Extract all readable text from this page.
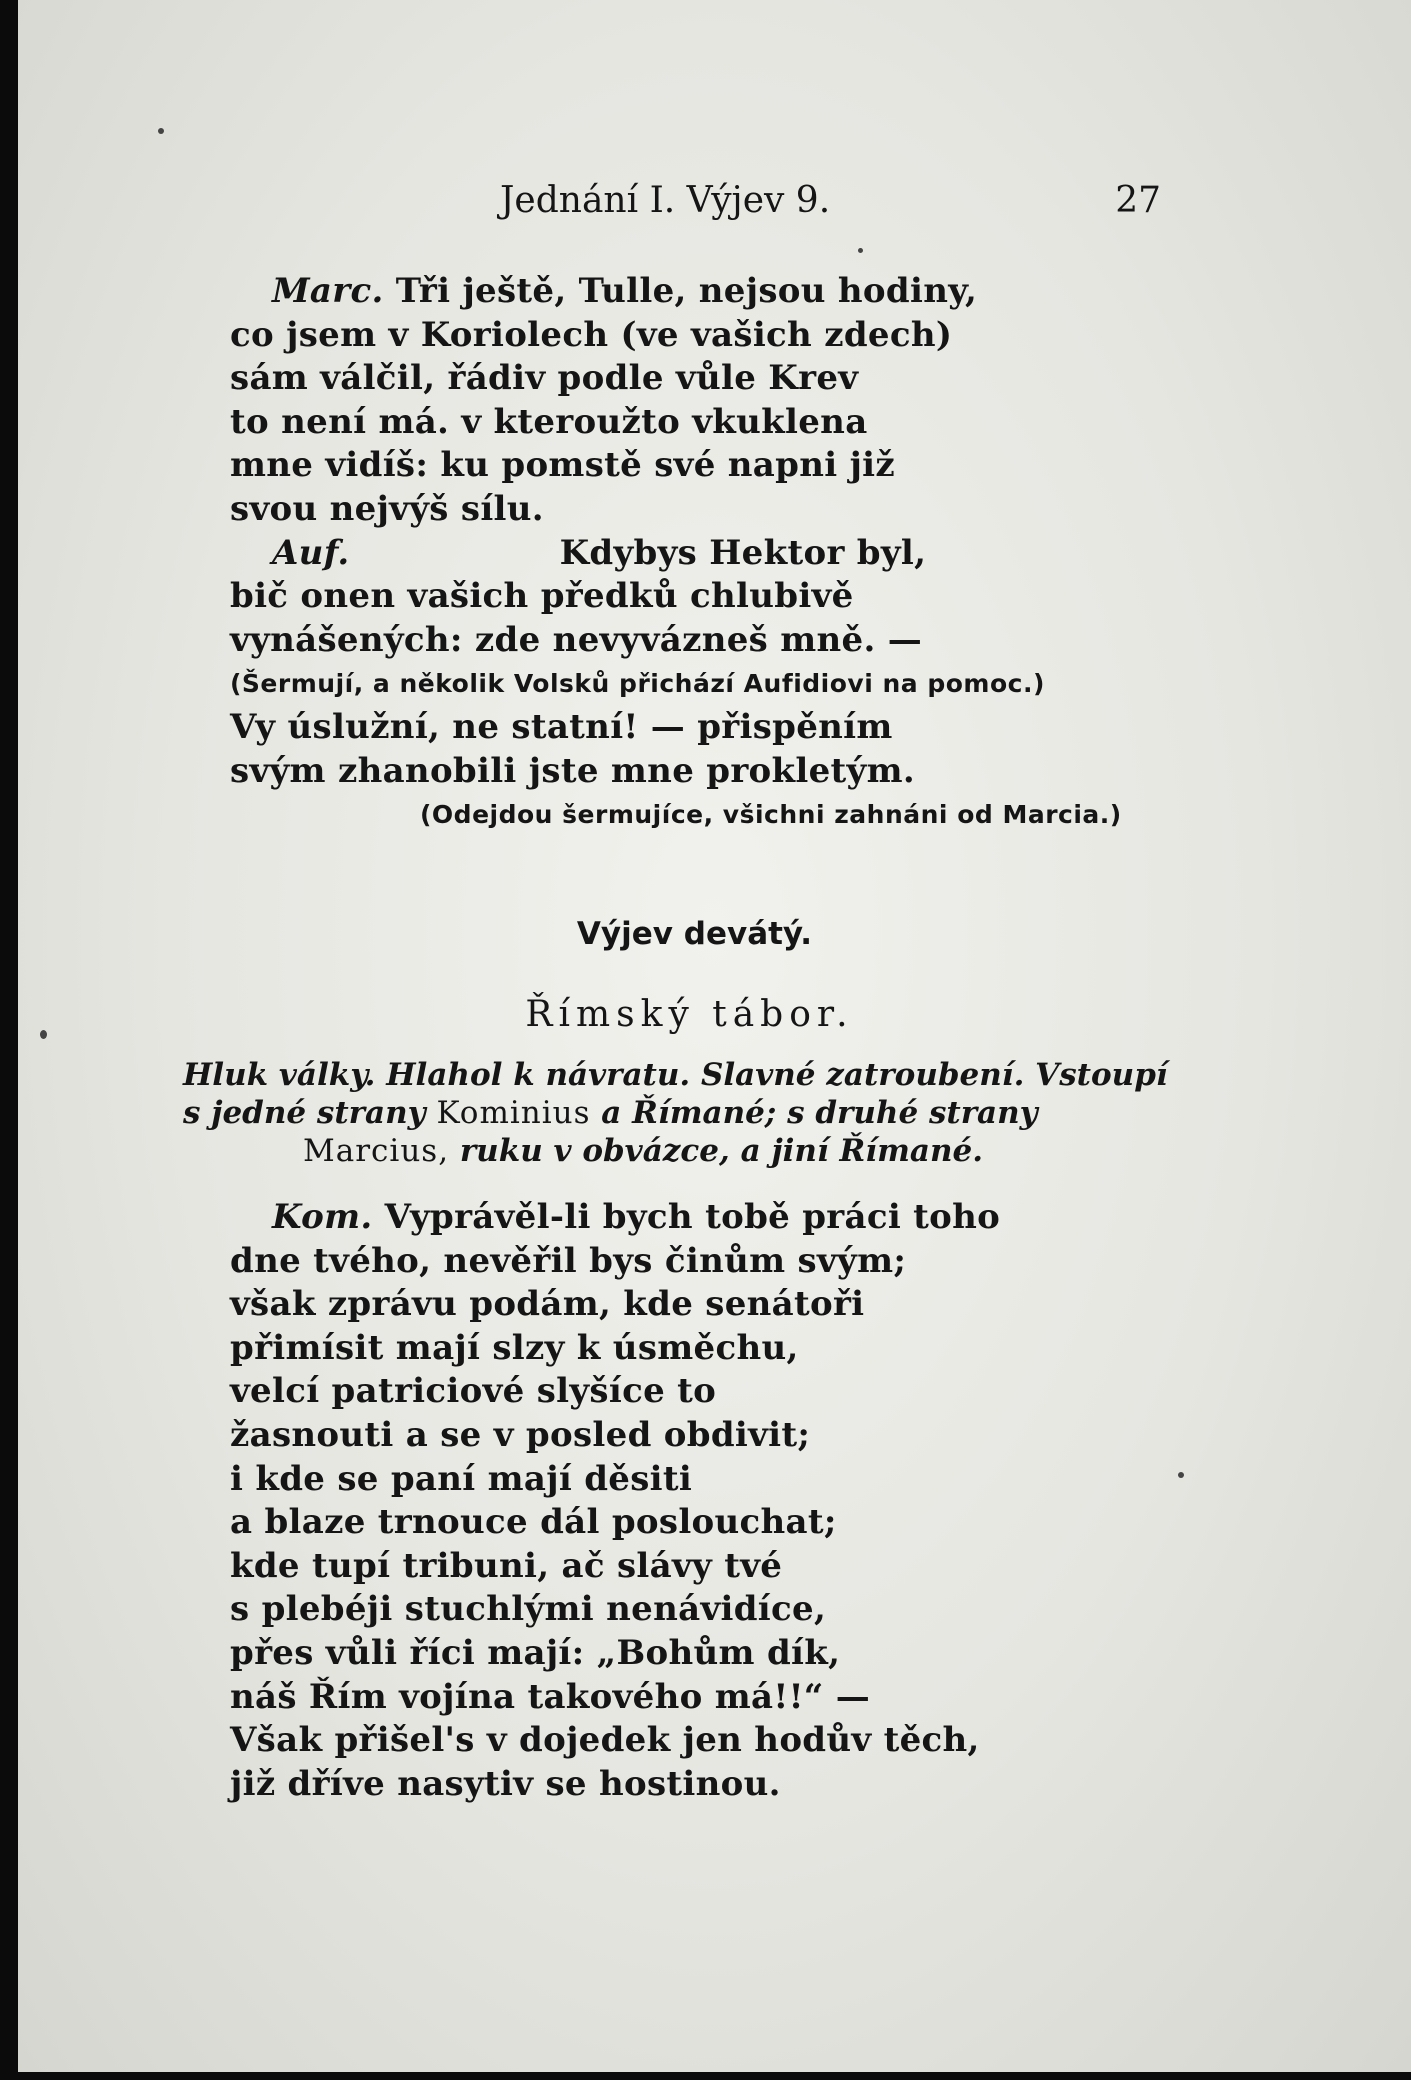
Jednání I. Výjev 9.	27
Marc. Tři ještě, Tulle, nejsou hodiny,
co jsem v Koriolech (ve vašich zdech)
sám válčil, řádiv podle vůle Krev
to není má. v kteroužto vkuklena
mne vidíš: ku pomstě své napni již
svou nejvýš sílu.
Auf.	Kdybys Hektor byl,
bič onen vašich předků chlubivě
vynášených: zde nevyvázneš mně. —
(Šermují, a několik Volsků přichází Aufidiovi na pomoc.)
Vy úslužní, ne statní! — přispěním
svým zhanobili jste mne prokletým.
(Odejdou šermujíce, všichni zahnáni od Marcia.)
Výjev devátý.
Římský tábor.
Hluk války. Hlahol k návratu. Slavné zatroubení. Vstoupí
s jedné strany Kominius a Římané; s druhé strany
Marcius, ruku v obvázce, a jiní Římané.
Kom. Vyprávěl-li bych tobě práci toho
dne tvého, nevěřil bys činům svým;
však zprávu podám, kde senátoři
přimísit mají slzy k úsměchu,
velcí patriciové slyšíce to
žasnouti a se v posled obdivit;
i kde se paní mají děsiti
a blaze trnouce dál poslouchat;
kde tupí tribuni, ač slávy tvé
s plebéji stuchlými nenávidíce,
přes vůli říci mají: „Bohům dík,
náš Řím vojína takového má!!“ —
Však přišel's v dojedek jen hodův těch,
již dříve nasytiv se hostinou.
